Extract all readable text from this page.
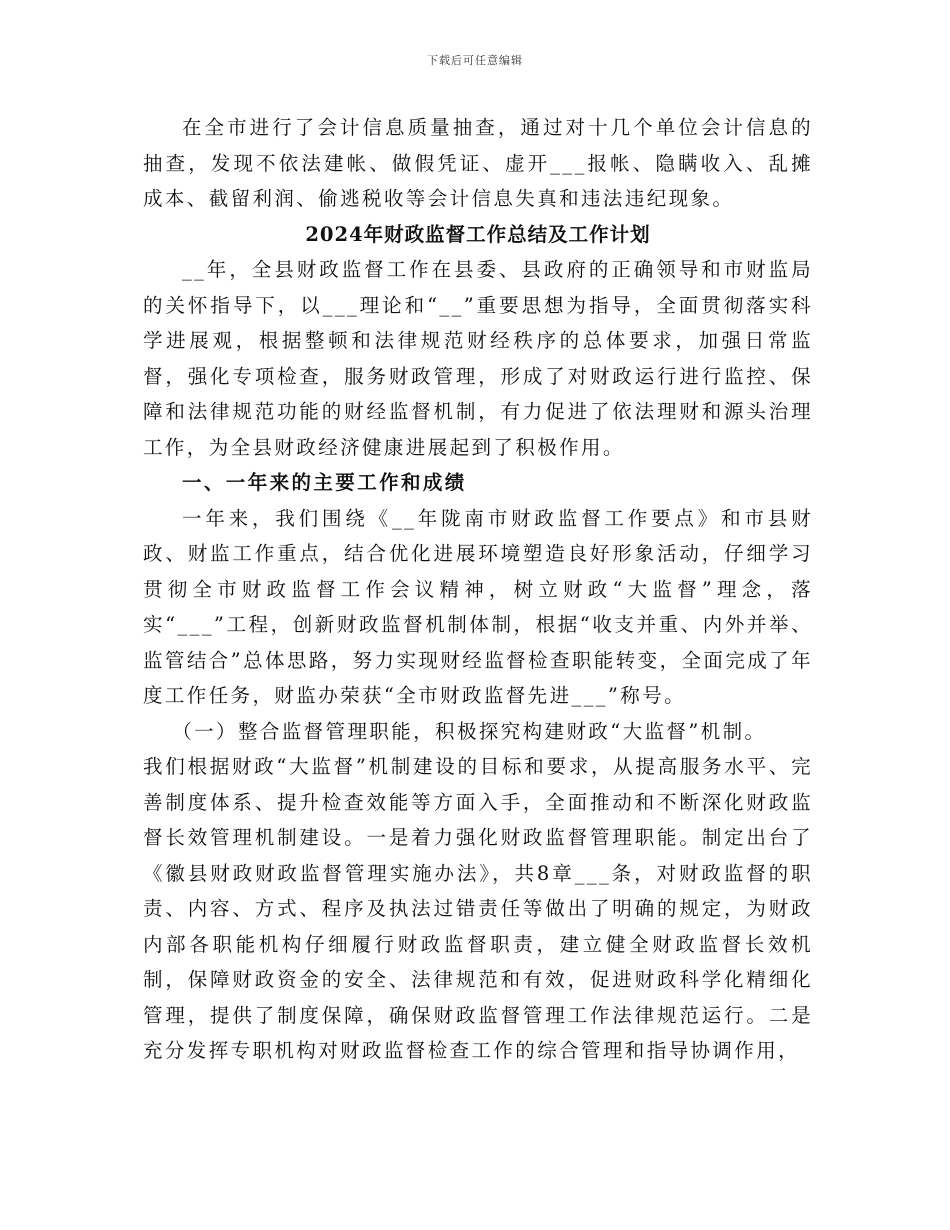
下载后可任意编辑

在全市进行了会计信息质量抽查，通过对十几个单位会计信息的抽查，发现不依法建帐、做假凭证、虚开___报帐、隐瞒收入、乱摊成本、截留利润、偷逃税收等会计信息失真和违法违纪现象。

2024年财政监督工作总结及工作计划

__年，全县财政监督工作在县委、县政府的正确领导和市财监局的关怀指导下，以___理论和“__”重要思想为指导，全面贯彻落实科学进展观，根据整顿和法律规范财经秩序的总体要求，加强日常监督，强化专项检查，服务财政管理，形成了对财政运行进行监控、保障和法律规范功能的财经监督机制，有力促进了依法理财和源头治理工作，为全县财政经济健康进展起到了积极作用。

一、一年来的主要工作和成绩

一年来，我们围绕《__年陇南市财政监督工作要点》和市县财政、财监工作重点，结合优化进展环境塑造良好形象活动，仔细学习贯彻全市财政监督工作会议精神，树立财政“大监督”理念，落实“___”工程，创新财政监督机制体制，根据“收支并重、内外并举、监管结合”总体思路，努力实现财经监督检查职能转变，全面完成了年度工作任务，财监办荣获“全市财政监督先进___”称号。

（一）整合监督管理职能，积极探究构建财政“大监督”机制。

我们根据财政“大监督”机制建设的目标和要求，从提高服务水平、完善制度体系、提升检查效能等方面入手，全面推动和不断深化财政监督长效管理机制建设。一是着力强化财政监督管理职能。制定出台了《徽县财政财政监督管理实施办法》，共8章___条，对财政监督的职责、内容、方式、程序及执法过错责任等做出了明确的规定，为财政内部各职能机构仔细履行财政监督职责，建立健全财政监督长效机制，保障财政资金的安全、法律规范和有效，促进财政科学化精细化管理，提供了制度保障，确保财政监督管理工作法律规范运行。二是充分发挥专职机构对财政监督检查工作的综合管理和指导协调作用，
